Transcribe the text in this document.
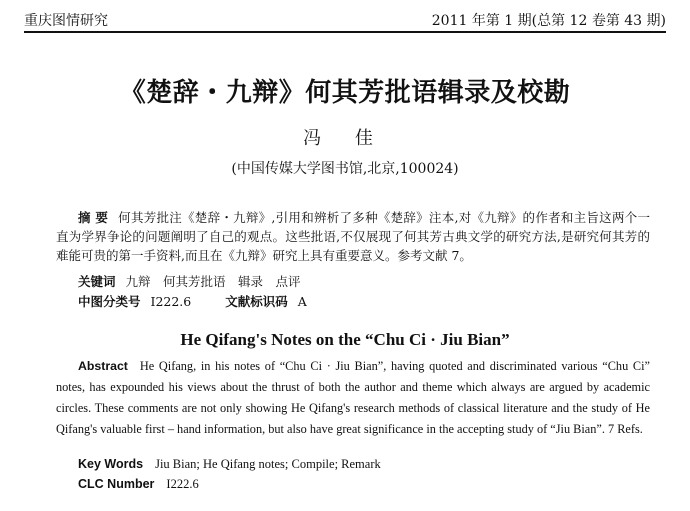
重庆图情研究	2011 年第 1 期(总第 12 卷第 43 期)
《楚辞・九辩》何其芳批语辑录及校勘
冯 佳
(中国传媒大学图书馆,北京,100024)
摘 要 何其芳批注《楚辞・九辩》,引用和辨析了多种《楚辞》注本,对《九辩》的作者和主旨这两个一直为学界争论的问题阐明了自己的观点。这些批语,不仅展现了何其芳古典文学的研究方法,是研究何其芳的难能可贵的第一手资料,而且在《九辩》研究上具有重要意义。参考文献 7。
关键词 九辩　何其芳批语　辑录　点评
中图分类号 I222.6	文献标识码 A
He Qifang's Notes on the “Chu Ci · Jiu Bian”
Abstract He Qifang, in his notes of “Chu Ci · Jiu Bian”, having quoted and discriminated various “Chu Ci” notes, has expounded his views about the thrust of both the author and theme which always are argued by academic circles. These comments are not only showing He Qifang's research methods of classical literature and the study of He Qifang's valuable first – hand information, but also have great significance in the accepting study of “Jiu Bian”. 7 Refs.
Key Words Jiu Bian; He Qifang notes; Compile; Remark
CLC Number I222.6
